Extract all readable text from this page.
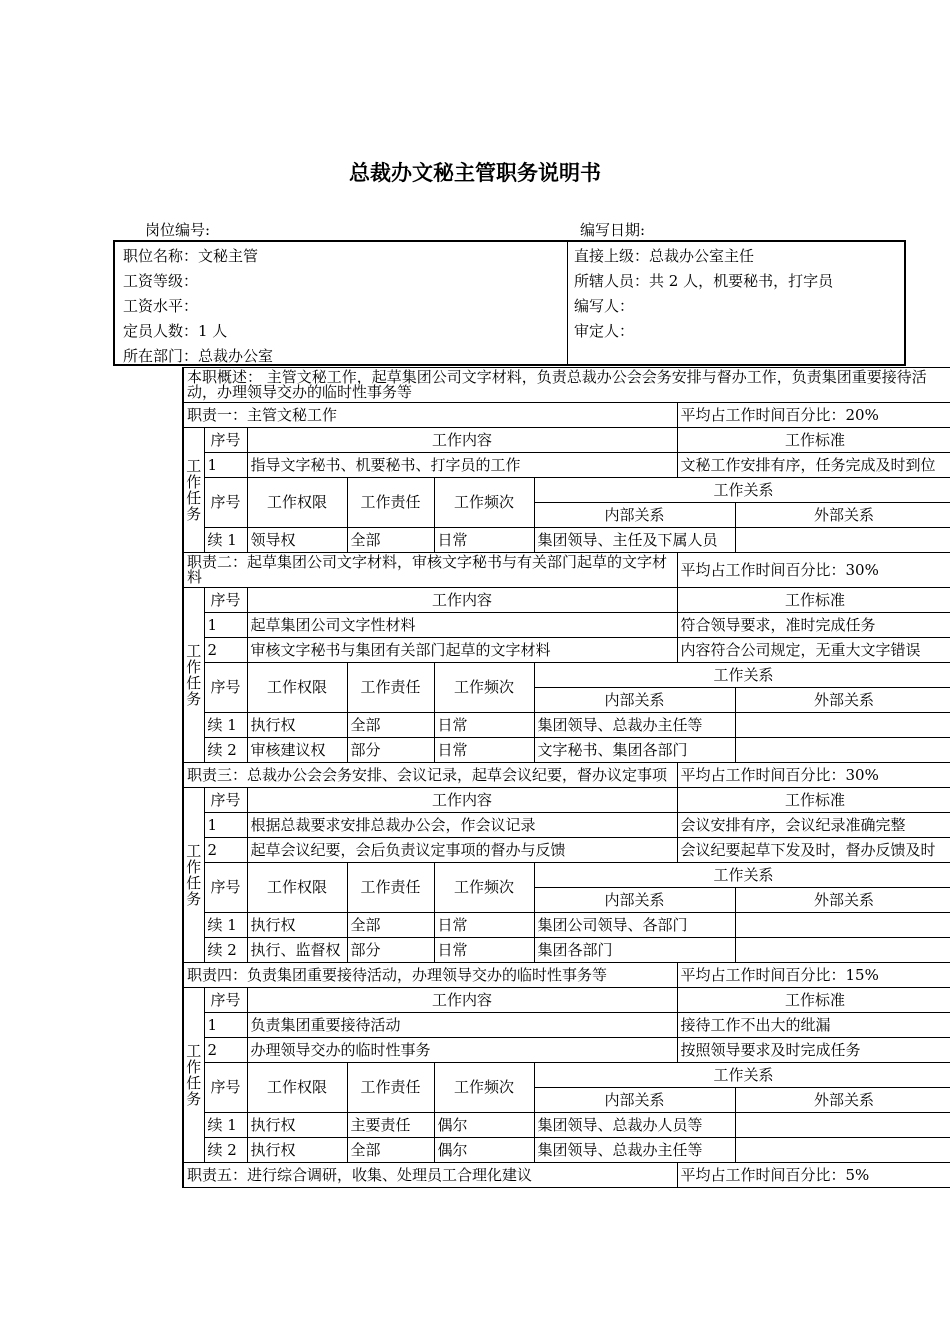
总裁办文秘主管职务说明书
岗位编号:	编写日期:
职位名称：文秘主管
工资等级：
工资水平：
定员人数：1 人
所在部门：总裁办公室
直接上级：总裁办公室主任
所辖人员：共 2 人，机要秘书，打字员
编写人：
审定人：
本职概述： 主管文秘工作，起草集团公司文字材料，负责总裁办公会会务安排与督办工作，负责集团重要接待活动，办理领导交办的临时性事务等							
职责一：主管文秘工作						平均占工作时间百分比：20%	
工作任务	序号	工作内容				工作标准	
	1	指导文字秘书、机要秘书、打字员的工作				文秘工作安排有序，任务完成及时到位	
	序号	工作权限	工作责任	工作频次	工作关系		
					内部关系		外部关系
	续 1	领导权	全部	日常	集团领导、主任及下属人员		
职责二：起草集团公司文字材料，审核文字秘书与有关部门起草的文字材料						平均占工作时间百分比：30%	
工作任务	序号	工作内容				工作标准	
	1	起草集团公司文字性材料				符合领导要求，准时完成任务	
	2	审核文字秘书与集团有关部门起草的文字材料				内容符合公司规定，无重大文字错误	
	序号	工作权限	工作责任	工作频次	工作关系		
					内部关系		外部关系
	续 1	执行权	全部	日常	集团领导、总裁办主任等		
	续 2	审核建议权	部分	日常	文字秘书、集团各部门		
职责三：总裁办公会会务安排、会议记录，起草会议纪要，督办议定事项						平均占工作时间百分比：30%	
工作任务	序号	工作内容				工作标准	
	1	根据总裁要求安排总裁办公会，作会议记录				会议安排有序，会议纪录准确完整	
	2	起草会议纪要，会后负责议定事项的督办与反馈				会议纪要起草下发及时，督办反馈及时	
	序号	工作权限	工作责任	工作频次	工作关系		
					内部关系		外部关系
	续 1	执行权	全部	日常	集团公司领导、各部门		
	续 2	执行、监督权	部分	日常	集团各部门		
职责四：负责集团重要接待活动，办理领导交办的临时性事务等						平均占工作时间百分比：15%	
工作任务	序号	工作内容				工作标准	
	1	负责集团重要接待活动				接待工作不出大的纰漏	
	2	办理领导交办的临时性事务				按照领导要求及时完成任务	
	序号	工作权限	工作责任	工作频次	工作关系		
					内部关系		外部关系
	续 1	执行权	主要责任	偶尔	集团领导、总裁办人员等		
	续 2	执行权	全部	偶尔	集团领导、总裁办主任等		
职责五：进行综合调研，收集、处理员工合理化建议						平均占工作时间百分比：5%	
